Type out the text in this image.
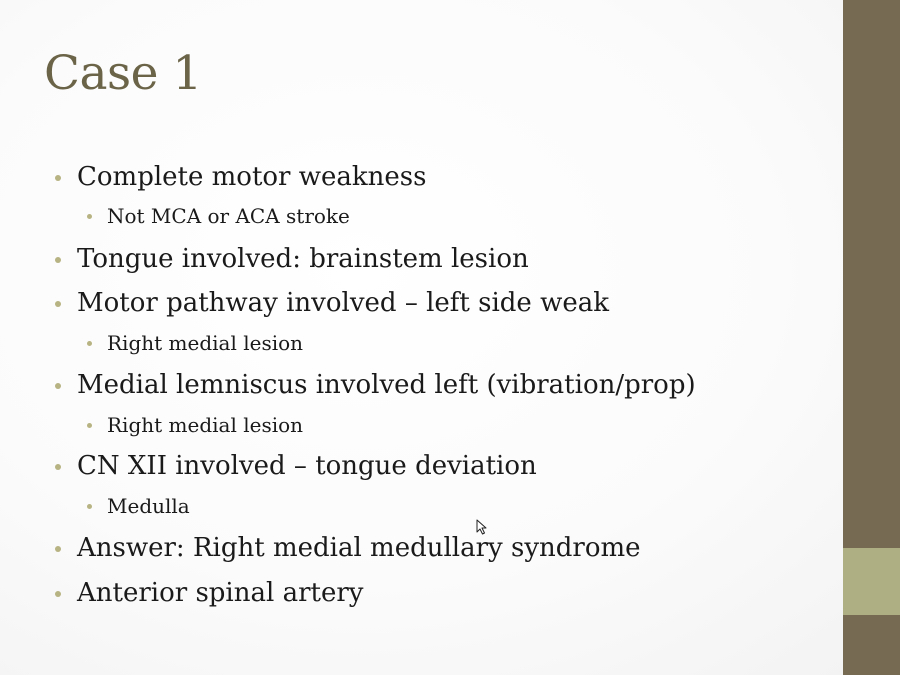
Case 1
Complete motor weakness
Not MCA or ACA stroke
Tongue involved: brainstem lesion
Motor pathway involved – left side weak
Right medial lesion
Medial lemniscus involved left (vibration/prop)
Right medial lesion
CN XII involved – tongue deviation
Medulla
Answer: Right medial medullary syndrome
Anterior spinal artery
